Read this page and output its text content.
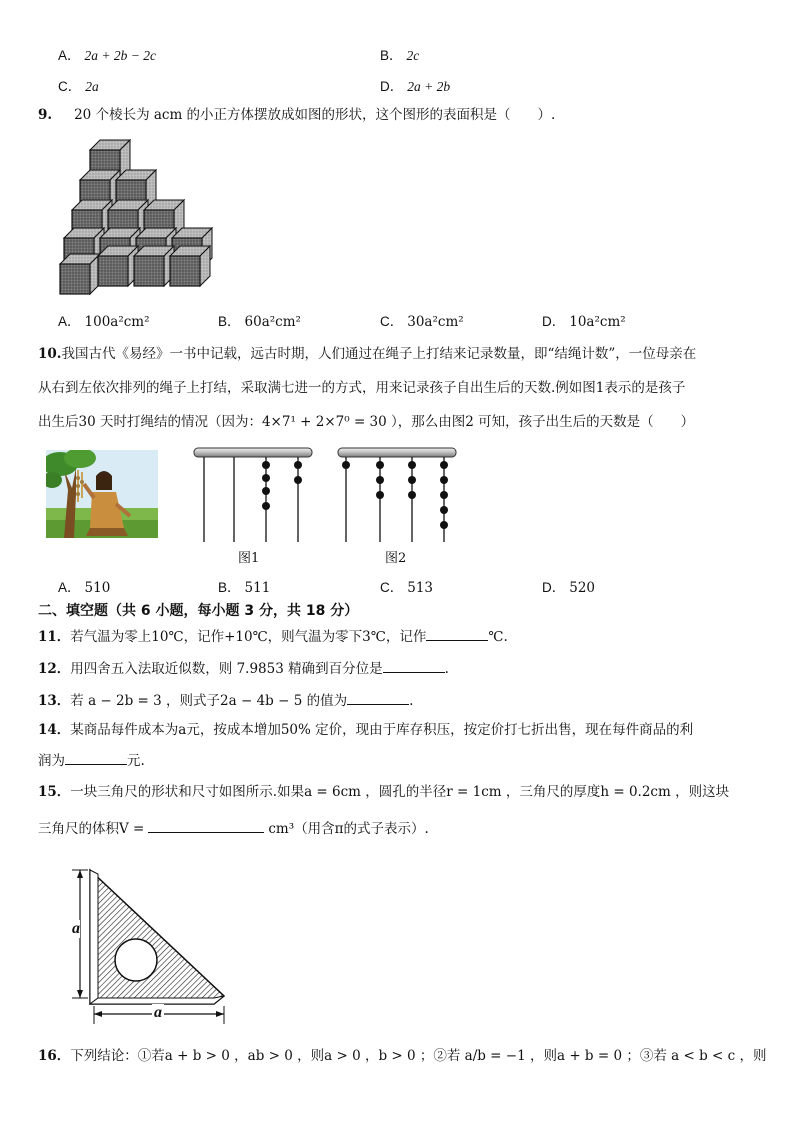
A． 2a + 2b − 2c	B． 2c
C． 2a	D． 2a + 2b
9. 20 个棱长为 acm 的小正方体摆放成如图的形状，这个图形的表面积是（　　）.
A． 100a²cm²	B． 60a²cm²	C． 30a²cm²	D． 10a²cm²
10.我国古代《易经》一书中记载，远古时期，人们通过在绳子上打结来记录数量，即“结绳计数”，一位母亲在
从右到左依次排列的绳子上打结，采取满七进一的方式，用来记录孩子自出生后的天数.例如图1表示的是孩子
出生后30 天时打绳结的情况（因为：4×7¹ + 2×7⁰ = 30 ），那么由图2 可知，孩子出生后的天数是（　　）
图1	图2
A． 510	B． 511	C． 513	D． 520
二、填空题（共 6 小题，每小题 3 分，共 18 分）
11．若气温为零上10℃，记作+10℃，则气温为零下3℃，记作	℃.
12．用四舍五入法取近似数，则 7.9853 精确到百分位是	.
13．若 a − 2b = 3 ，则式子2a − 4b − 5 的值为	.
14．某商品每件成本为a元，按成本增加50% 定价，现由于库存积压，按定价打七折出售，现在每件商品的利
润为	元.
15．一块三角尺的形状和尺寸如图所示.如果a = 6cm ，圆孔的半径r = 1cm ，三角尺的厚度h = 0.2cm ，则这块
三角尺的体积V =	cm³（用含π的式子表示）.
a
a
16．下列结论：①若a + b > 0 ，ab > 0 ，则a > 0 ，b > 0 ；②若 a/b = −1 ，则a + b = 0 ；③若 a < b < c ，则
